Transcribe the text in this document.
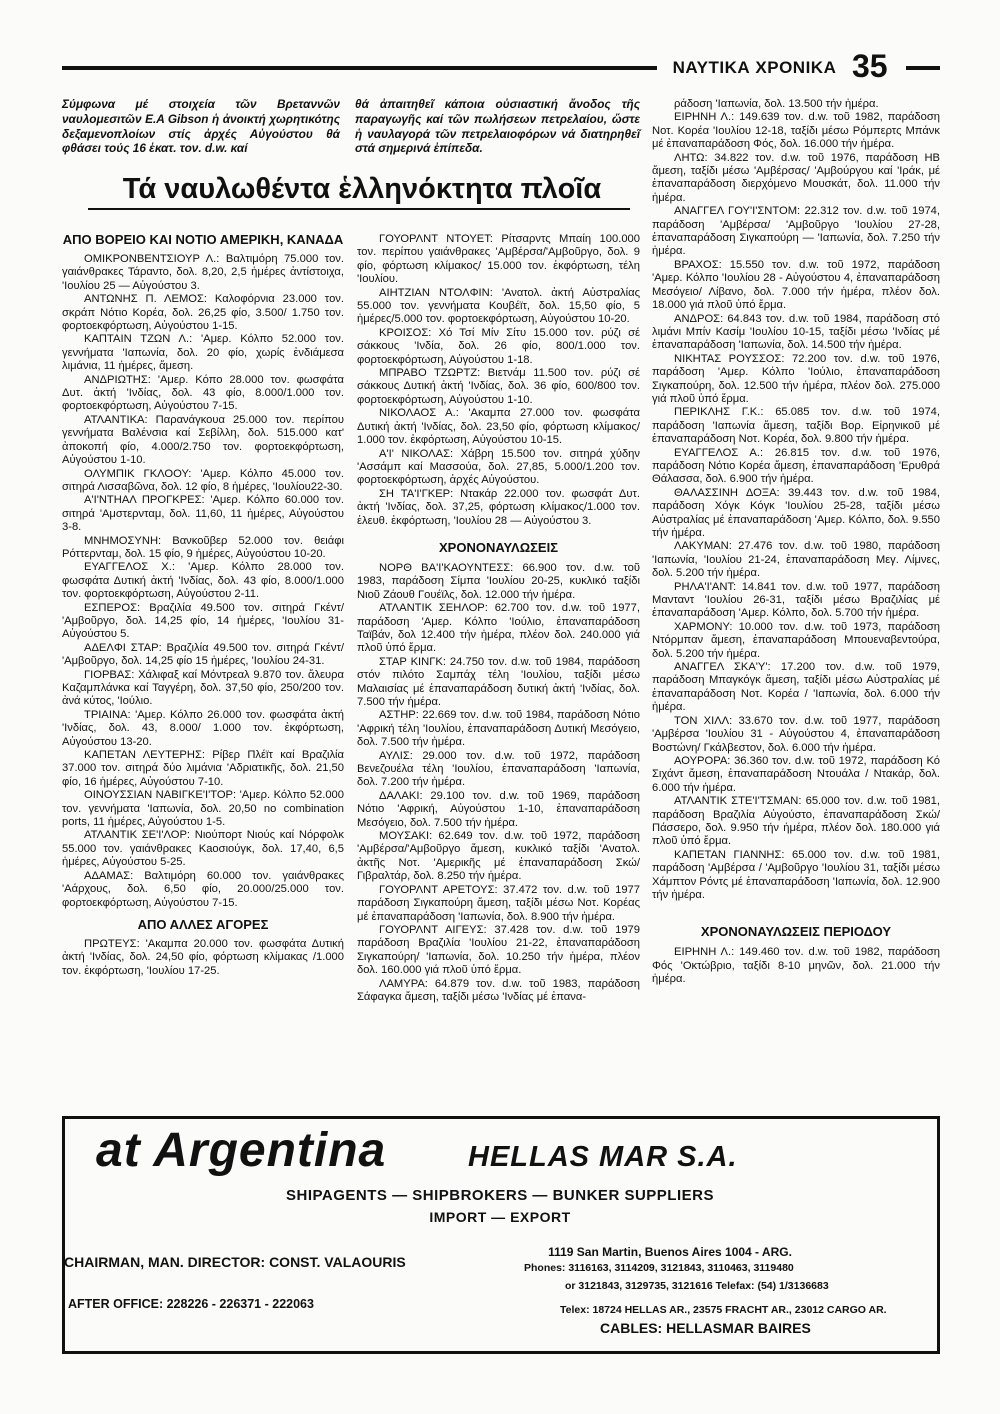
ΝΑΥΤΙΚΑ ΧΡΟΝΙΚΑ 35

Σύμφωνα μέ στοιχεία τῶν Βρεταννῶν ναυλομεσιτῶν E.A Gibson ἡ ἀνοικτή χωρητικότης δεξαμενοπλοίων στίς ἀρχές Αὐγούστου θά φθάσει τούς 16 ἑκατ. τον. d.w. καί

θά ἀπαιτηθεῖ κάποια οὐσιαστική ἄνοδος τῆς παραγωγῆς καί τῶν πωλήσεων πετρελαίου, ὥστε ἡ ναυλαγορά τῶν πετρελαιοφόρων νά διατηρηθεῖ στά σημερινά ἐπίπεδα.

Τά ναυλωθέντα ἑλληνόκτητα πλοῖα
ΑΠΟ ΒΟΡΕΙΟ ΚΑΙ ΝΟΤΙΟ ΑΜΕΡΙΚΗ, ΚΑΝΑΔΑ

ΟΜΙΚΡΟΝΒΕΝΤΣΙΟΥΡ Λ.: Βαλτιμόρη 75.000 τον. γαιάνθρακες Τάραντο, δολ. 8,20, 2,5 ἡμέρες ἀντίστοιχα, 'Ιουλίου 25 — Αὐγούστου 3.

ΑΝΤΩΝΗΣ Π. ΛΕΜΟΣ: Καλοφόρνια 23.000 τον. σκράπ Νότιο Κορέα, δολ. 26,25 φίο, 3.500/ 1.750 τον. φορτοεκφόρτωση, Αὐγούστου 1-15.

ΚΑΠΤΑΙΝ ΤΖΩΝ Λ.: 'Αμερ. Κόλπο 52.000 τον. γεννήματα 'Ιαπωνία, δολ. 20 φίο, χωρίς ἐνδιάμεσα λιμάνια, 11 ἡμέρες, ἄμεση.

ΑΝΔΡΙΩΤΗΣ: 'Αμερ. Κόπο 28.000 τον. φωσφάτα Δυτ. ἀκτή 'Ινδίας, δολ. 43 φίο, 8.000/1.000 τον. φορτοεκφόρτωση, Αὐγούστου 7-15.

ΑΤΛΑΝΤΙΚΑ: Παρανάγκουα 25.000 τον. περίπου γεννήματα Βαλένσια καί Σεβίλλη, δολ. 515.000 κατ' ἀποκοπή φίο, 4.000/2.750 τον. φορτοεκφόρτωση, Αὐγούστου 1-10.

ΟΛΥΜΠΙΚ ΓΚΛΟΟΥ: 'Αμερ. Κόλπο 45.000 τον. σιτηρά Λισσαβῶνα, δολ. 12 φίο, 8 ἡμέρες, 'Ιουλίου22-30.

Α'Ι'ΝΤΗΑΛ ΠΡΟΓΚΡΕΣ: 'Αμερ. Κόλπο 60.000 τον. σιτηρά 'Αμστερνταμ, δολ. 11,60, 11 ἡμέρες, Αὐγούστου 3-8.

ΜΝΗΜΟΣΥΝΗ: Βανκοῦβερ 52.000 τον. θειάφι Ρόττερνταμ, δολ. 15 φίο, 9 ἡμέρες, Αὐγούστου 10-20.

ΕΥΑΓΓΕΛΟΣ Χ.: 'Αμερ. Κόλπο 28.000 τον. φωσφάτα Δυτική ἀκτή 'Ινδίας, δολ. 43 φίο, 8.000/1.000 τον. φορτοεκφόρτωση, Αὐγούστου 2-11.

ΕΣΠΕΡΟΣ: Βραζιλία 49.500 τον. σιτηρά Γκέντ/ 'Αμβοῦργο, δολ. 14,25 φίο, 14 ἡμέρες, 'Ιουλίου 31-Αὐγούστου 5.

ΑΔΕΛΦΙ ΣΤΑΡ: Βραζιλία 49.500 τον. σιτηρά Γκέντ/ 'Αμβοῦργο, δολ. 14,25 φίο 15 ἡμέρες, 'Ιουλίου 24-31.

ΓΙΟΡΒΑΣ: Χάλιφαξ καί Μόντρεαλ 9.870 τον. ἄλευρα Καζαμπλάνκα καί Ταγγέρη, δολ. 37,50 φίο, 250/200 τον. ἀνά κύτος, 'Ιούλιο.

ΤΡΙΑΙΝΑ: 'Αμερ. Κόλπο 26.000 τον. φωσφάτα ἀκτή 'Ινδίας, δολ. 43, 8.000/ 1.000 τον. ἐκφόρτωση, Αὐγούστου 13-20.

ΚΑΠΕΤΑΝ ΛΕΥΤΕΡΗΣ: Ρίβερ Πλέϊτ καί Βραζιλία 37.000 τον. σιτηρά δύο λιμάνια 'Αδριατικῆς, δολ. 21,50 φίο, 16 ἡμέρες, Αὐγούστου 7-10.

ΟΙΝΟΥΣΣΙΑΝ ΝΑΒΙΓΚΕ'Ι'ΤΟΡ: 'Αμερ. Κόλπο 52.000 τον. γεννήματα 'Ιαπωνία, δολ. 20,50 no combination ports, 11 ἡμέρες, Αὐγούστου 1-5.

ΑΤΛΑΝΤΙΚ ΣΕ'Ι'ΛΟΡ: Νιούπορτ Νιούς καί Νόρφολκ 55.000 τον. γαιάνθρακες Κaoσιούγκ, δολ. 17,40, 6,5 ἡμέρες, Αὐγούστου 5-25.

ΑΔΑΜΑΣ: Βαλτιμόρη 60.000 τον. γαιάνθρακες 'Αάρχους, δολ. 6,50 φίο, 20.000/25.000 τον. φορτοεκφόρτωση, Αὐγούστου 7-15.

ΑΠΟ ΑΛΛΕΣ ΑΓΟΡΕΣ

ΠΡΩΤΕΥΣ: 'Ακαμπα 20.000 τον. φωσφάτα Δυτική ἀκτή 'Ινδίας, δολ. 24,50 φίο, φόρτωση κλίμακας /1.000 τον. ἐκφόρτωση, 'Ιουλίου 17-25.

ΓΟΥΟΡΛΝΤ ΝΤΟΥΕΤ: Ρίτσαρντς Μπαίη 100.000 τον. περίπου γαιάνθρακες 'Αμβέρσα/'Αμβοῦργο, δολ. 9 φίο, φόρτωση κλίμακος/ 15.000 τον. ἐκφόρτωση, τέλη 'Ιουλίου.

ΑΙΗΤΖΙΑΝ ΝΤΟΛΦΙΝ: 'Ανατολ. ἀκτή Αὐστραλίας 55.000 τον. γεννήματα Κουβέϊτ, δολ. 15,50 φίο, 5 ἡμέρες/5.000 τον. φορτοεκφόρτωση, Αὐγούστου 10-20.

ΚΡΟΙΣΟΣ: Χό Τσί Μίν Σίτυ 15.000 τον. ρύζι σέ σάκκους 'Ινδία, δολ. 26 φίο, 800/1.000 τον. φορτοεκφόρτωση, Αὐγούστου 1-18.

ΜΠΡΑΒΟ ΤΖΩΡΤΖ: Βιετνάμ 11.500 τον. ρύζι σέ σάκκους Δυτική ἀκτή 'Ινδίας, δολ. 36 φίο, 600/800 τον. φορτοεκφόρτωση, Αὐγούστου 1-10.

ΝΙΚΟΛΑΟΣ Α.: 'Ακαμπα 27.000 τον. φωσφάτα Δυτική ἀκτή 'Ινδίας, δολ. 23,50 φίο, φόρτωση κλίμακος/ 1.000 τον. ἐκφόρτωση, Αὐγούστου 10-15.

Α'Ι' ΝΙΚΟΛΑΣ: Χάβρη 15.500 τον. σιτηρά χύδην 'Ασσάμπ καί Μασσούα, δολ. 27,85, 5.000/1.200 τον. φορτοεκφόρτωση, ἀρχές Αὐγούστου.

ΣΗ ΤΑ'Ι'ΓΚΕΡ: Ντακάρ 22.000 τον. φωσφάτ Δυτ. ἀκτή 'Ινδίας, δολ. 37,25, φόρτωση κλίμακος/1.000 τον. ἐλευθ. ἐκφόρτωση, 'Ιουλίου 28 — Αὐγούστου 3.

ΧΡΟΝΟΝΑΥΛΩΣΕΙΣ

ΝΟΡΘ ΒΑ'Ι'ΚΑΟΥΝΤΕΣΣ: 66.900 τον. d.w. τοῦ 1983, παράδοση Σίμπα 'Ιουλίου 20-25, κυκλικό ταξίδι Νιοῦ Ζάουθ Γουέϊλς, δολ. 12.000 τήν ἡμέρα.

ΑΤΛΑΝΤΙΚ ΣΕΗΛΟΡ: 62.700 τον. d.w. τοῦ 1977, παράδοση 'Αμερ. Κόλπο 'Ιούλιο, ἐπαναπαράδοση Ταϊβάν, δολ 12.400 τήν ἡμέρα, πλέον δολ. 240.000 γιά πλοῦ ὑπό ἔρμα.

ΣΤΑΡ ΚΙΝΓΚ: 24.750 τον. d.w. τοῦ 1984, παράδοση στόν πιλότο Σαμπάχ τέλη 'Ιουλίου, ταξίδι μέσω Μαλαισίας μέ ἐπαναπαράδοση δυτική ἀκτή 'Ινδίας, δολ. 7.500 τήν ἡμέρα.

ΑΣΤΗΡ: 22.669 τον. d.w. τοῦ 1984, παράδοση Νότιο 'Αφρική τέλη 'Ιουλίου, ἐπαναπαράδοση Δυτική Μεσόγειο, δολ. 7.500 τήν ἡμέρα.

ΑΥΛΙΣ: 29.000 τον. d.w. τοῦ 1972, παράδοση Βενεζουέλα τέλη 'Ιουλίου, ἐπαναπαράδοση 'Ιαπωνία, δολ. 7.200 τήν ἡμέρα.

ΔΑΛΑΚΙ: 29.100 τον. d.w. τοῦ 1969, παράδοση Νότιο 'Αφρική, Αὐγούστου 1-10, ἐπαναπαράδοση Μεσόγειο, δολ. 7.500 τήν ἡμέρα.

ΜΟΥΣΑΚΙ: 62.649 τον. d.w. τοῦ 1972, παράδοση 'Αμβέρσα/'Αμβοῦργο ἄμεση, κυκλικό ταξίδι 'Ανατολ. ἀκτῆς Νοτ. 'Αμερικῆς μέ ἐπαναπαράδοση Σκώ/Γιβραλτάρ, δολ. 8.250 τήν ἡμέρα.

ΓΟΥΟΡΛΝΤ ΑΡΕΤΟΥΣ: 37.472 τον. d.w. τοῦ 1977 παράδοση Σιγκαπούρη ἄμεση, ταξίδι μέσω Νοτ. Κορέας μέ ἐπαναπαράδοση 'Ιαπωνία, δολ. 8.900 τήν ἡμέρα.

ΓΟΥΟΡΛΝΤ ΑΙΓΕΥΣ: 37.428 τον. d.w. τοῦ 1979 παράδοση Βραζιλία 'Ιουλίου 21-22, ἐπαναπαράδοση Σιγκαπούρη/ 'Ιαπωνία, δολ. 10.250 τήν ἡμέρα, πλέον δολ. 160.000 γιά πλοῦ ὑπό ἔρμα.

ΛΑΜΥΡΑ: 64.879 τον. d.w. τοῦ 1983, παράδοση Σάφαγκα ἄμεση, ταξίδι μέσω 'Ινδίας μέ ἐπανα-

ράδοση 'Ιαπωνία, δολ. 13.500 τήν ἡμέρα.

ΕΙΡΗΝΗ Λ.: 149.639 τον. d.w. τοῦ 1982, παράδοση Νοτ. Κορέα 'Ιουλίου 12-18, ταξίδι μέσω Ρόμπερτς Μπάνκ μέ ἐπαναπαράδοση Φός, δολ. 16.000 τήν ἡμέρα.

ΛΗΤΩ: 34.822 τον. d.w. τοῦ 1976, παράδοση ΗΒ ἄμεση, ταξίδι μέσω 'Αμβέρσας/ 'Αμβούργου καί 'Ιράκ, μέ ἐπαναπαράδοση διερχόμενο Μουσκάτ, δολ. 11.000 τήν ἡμέρα.

ΑΝΑΓΓΕΛ ΓΟΥ'Ι'ΣΝΤΟΜ: 22.312 τον. d.w. τοῦ 1974, παράδοση 'Αμβέρσα/ 'Αμβοῦργο 'Ιουλίου 27-28, ἐπαναπαράδοση Σιγκαπούρη — 'Ιαπωνία, δολ. 7.250 τήν ἡμέρα.

ΒΡΑΧΟΣ: 15.550 τον. d.w. τοῦ 1972, παράδοση 'Αμερ. Κόλπο 'Ιουλίου 28 - Αὐγούστου 4, ἐπαναπαράδοση Μεσόγειο/ Λίβανο, δολ. 7.000 τήν ἡμέρα, πλέον δολ. 18.000 γιά πλοῦ ὑπό ἔρμα.

ΑΝΔΡΟΣ: 64.843 τον. d.w. τοῦ 1984, παράδοση στό λιμάνι Μπίν Κασίμ 'Ιουλίου 10-15, ταξίδι μέσω 'Ινδίας μέ ἐπαναπαράδοση 'Ιαπωνία, δολ. 14.500 τήν ἡμέρα.

ΝΙΚΗΤΑΣ ΡΟΥΣΣΟΣ: 72.200 τον. d.w. τοῦ 1976, παράδοση 'Αμερ. Κόλπο 'Ιούλιο, ἐπαναπαράδοση Σιγκαπούρη, δολ. 12.500 τήν ἡμέρα, πλέον δολ. 275.000 γιά πλοῦ ὑπό ἔρμα.

ΠΕΡΙΚΛΗΣ Γ.Κ.: 65.085 τον. d.w. τοῦ 1974, παράδοση 'Ιαπωνία ἄμεση, ταξίδι Βορ. Εἰρηνικοῦ μέ ἐπαναπαράδοση Νοτ. Κορέα, δολ. 9.800 τήν ἡμέρα.

ΕΥΑΓΓΕΛΟΣ Α.: 26.815 τον. d.w. τοῦ 1976, παράδοση Νότιο Κορέα ἄμεση, ἐπαναπαράδοση 'Ερυθρά Θάλασσα, δολ. 6.900 τήν ἡμέρα.

ΘΑΛΑΣΣΙΝΗ ΔΟΞΑ: 39.443 τον. d.w. τοῦ 1984, παράδοση Χόγκ Κόγκ 'Ιουλίου 25-28, ταξίδι μέσω Αὐστραλίας μέ ἐπαναπαράδοση 'Αμερ. Κόλπο, δολ. 9.550 τήν ἡμέρα.

ΛΑΚΥΜΑΝ: 27.476 τον. d.w. τοῦ 1980, παράδοση 'Ιαπωνία, 'Ιουλίου 21-24, ἐπαναπαράδοση Μεγ. Λίμνες, δολ. 5.200 τήν ἡμέρα.

ΡΗΛΑ'Ι'ΑΝΤ: 14.841 τον. d.w. τοῦ 1977, παράδοση Μανταντ 'Ιουλίου 26-31, ταξίδι μέσω Βραζιλίας μέ ἐπαναπαράδοση 'Αμερ. Κόλπο, δολ. 5.700 τήν ἡμέρα.

ΧΑΡΜΟΝΥ: 10.000 τον. d.w. τοῦ 1973, παράδοση Ντόρμπαν ἄμεση, ἐπαναπαράδοση Μπουεναβεντούρα, δολ. 5.200 τήν ἡμέρα.

ΑΝΑΓΓΕΛ ΣΚΑ'Υ': 17.200 τον. d.w. τοῦ 1979, παράδοση Μπαγκόγκ ἄμεση, ταξίδι μέσω Αὐστραλίας μέ ἐπαναπαράδοση Νοτ. Κορέα / 'Ιαπωνία, δολ. 6.000 τήν ἡμέρα.

ΤΟΝ ΧΙΛΛ: 33.670 τον. d.w. τοῦ 1977, παράδοση 'Αμβέρσα 'Ιουλίου 31 - Αὐγούστου 4, ἐπαναπαράδοση Βοστώνη/ Γκάλβεστον, δολ. 6.000 τήν ἡμέρα.

ΑΟΥΡΟΡΑ: 36.360 τον. d.w. τοῦ 1972, παράδοση Κό Σιχάντ ἄμεση, ἐπαναπαράδοση Ντουάλα / Ντακάρ, δολ. 6.000 τήν ἡμέρα.

ΑΤΛΑΝΤΙΚ ΣΤΕ'Ι'ΤΣΜΑΝ: 65.000 τον. d.w. τοῦ 1981, παράδοση Βραζιλία Αὐγούστο, ἐπαναπαράδοση Σκώ/Πάσσερο, δολ. 9.950 τήν ἡμέρα, πλέον δολ. 180.000 γιά πλοῦ ὑπό ἔρμα.

ΚΑΠΕΤΑΝ ΓΙΑΝΝΗΣ: 65.000 τον. d.w. τοῦ 1981, παράδοση 'Αμβέρσα / 'Αμβοῦργο 'Ιουλίου 31, ταξίδι μέσω Χάμπτον Ρόντς μέ ἐπαναπαράδοση 'Ιαπωνία, δολ. 12.900 τήν ἡμέρα.

ΧΡΟΝΟΝΑΥΛΩΣΕΙΣ ΠΕΡΙΟΔΟΥ

ΕΙΡΗΝΗ Λ.: 149.460 τον. d.w. τοῦ 1982, παράδοση Φός 'Οκτώβριο, ταξίδι 8-10 μηνῶν, δολ. 21.000 τήν ἡμέρα.

at Argentina	HELLAS MAR S.A.
SHIPAGENTS — SHIPBROKERS — BUNKER SUPPLIERS
IMPORT — EXPORT
CHAIRMAN, MAN. DIRECTOR: CONST. VALAOURIS
1119 San Martin, Buenos Aires 1004 - ARG.
Phones: 3116163, 3114209, 3121843, 3110463, 3119480
or 3121843, 3129735, 3121616 Telefax: (54) 1/3136683
AFTER OFFICE: 228226 - 226371 - 222063	Telex: 18724 HELLAS AR., 23575 FRACHT AR., 23012 CARGO AR.
CABLES: HELLASMAR BAIRES
